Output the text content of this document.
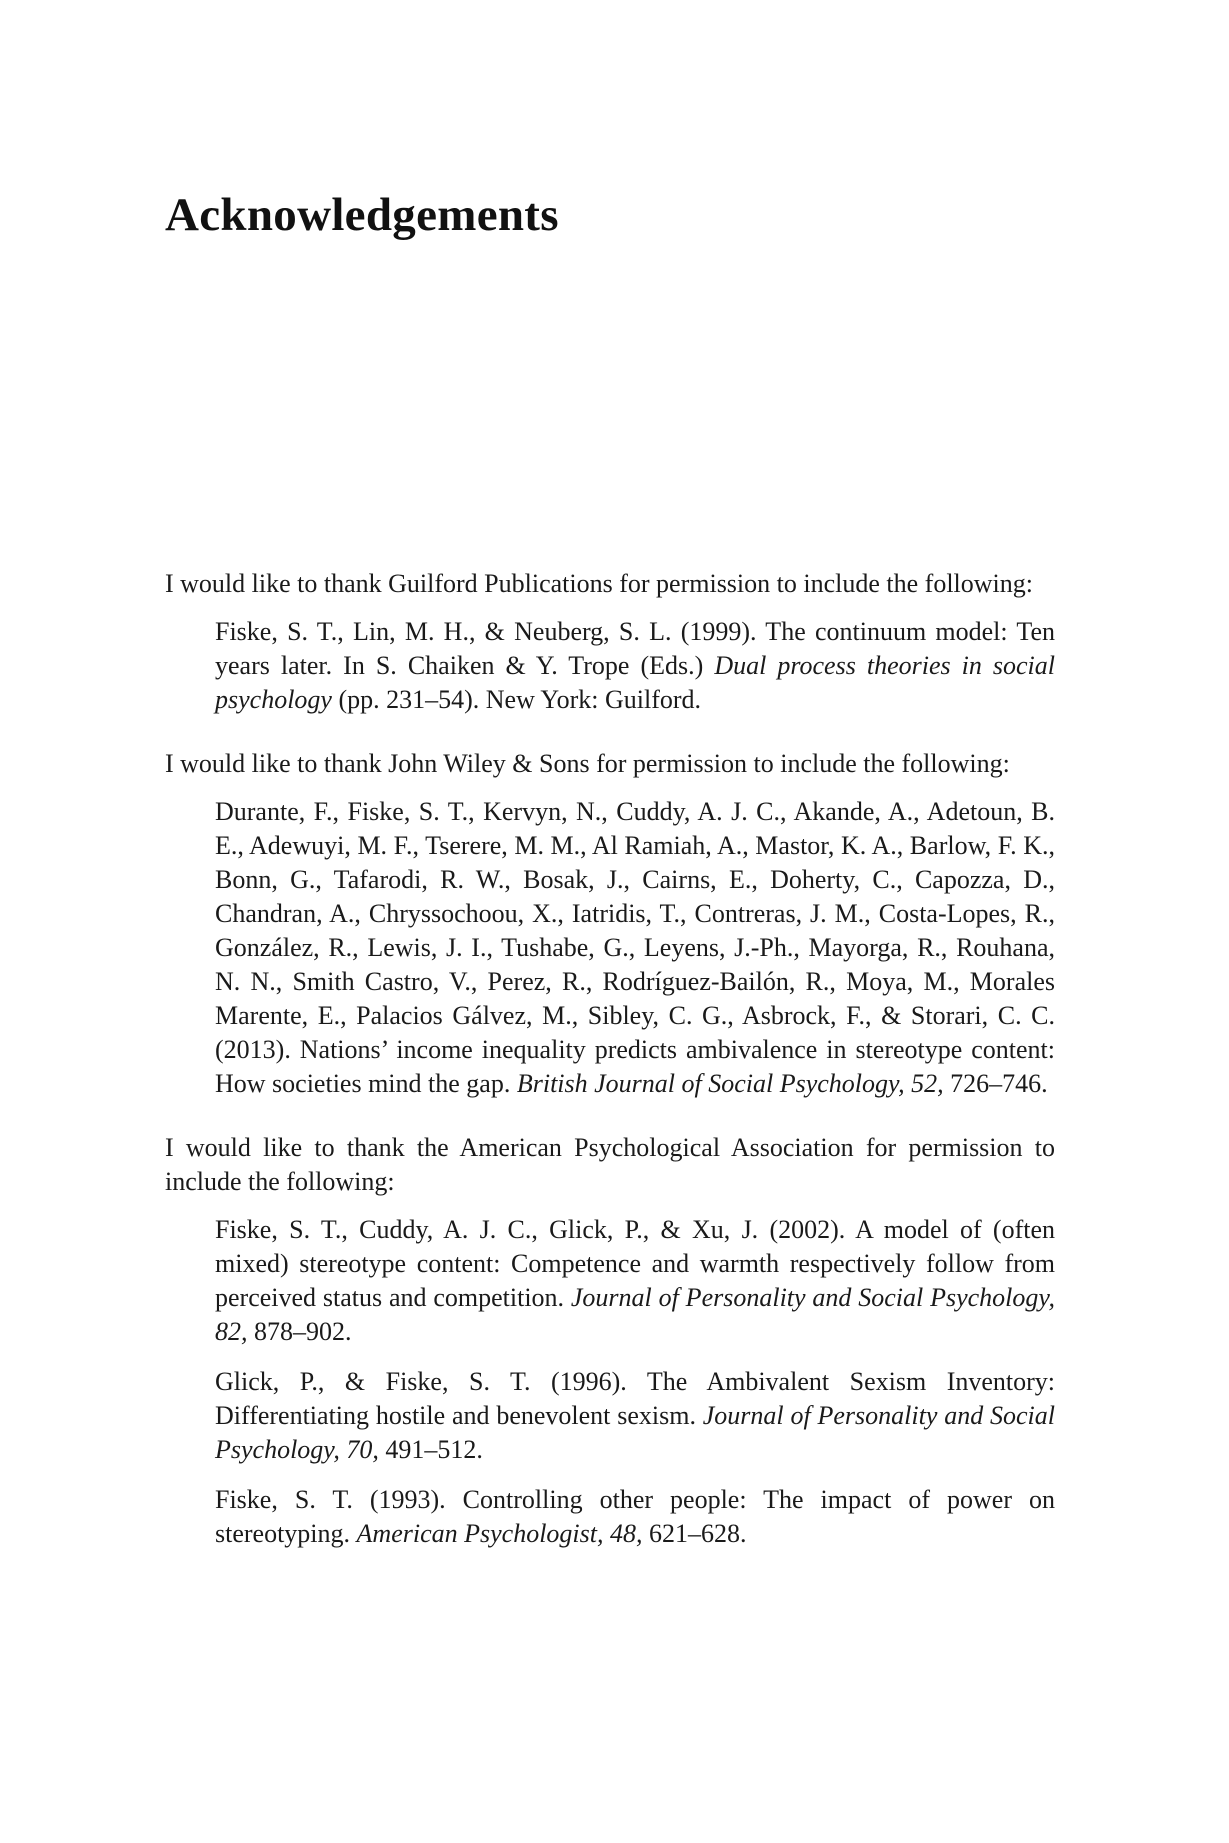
Acknowledgements

I would like to thank Guilford Publications for permission to include the following:

Fiske, S. T., Lin, M. H., & Neuberg, S. L. (1999). The continuum model: Ten years later. In S. Chaiken & Y. Trope (Eds.) Dual process theories in social psychology (pp. 231–54). New York: Guilford.

I would like to thank John Wiley & Sons for permission to include the following:

Durante, F., Fiske, S. T., Kervyn, N., Cuddy, A. J. C., Akande, A., Adetoun, B. E., Adewuyi, M. F., Tserere, M. M., Al Ramiah, A., Mastor, K. A., Barlow, F. K., Bonn, G., Tafarodi, R. W., Bosak, J., Cairns, E., Doherty, C., Capozza, D., Chandran, A., Chryssochoou, X., Iatridis, T., Contreras, J. M., Costa-Lopes, R., González, R., Lewis, J. I., Tushabe, G., Leyens, J.-Ph., Mayorga, R., Rouhana, N. N., Smith Castro, V., Perez, R., Rodríguez-Bailón, R., Moya, M., Morales Marente, E., Palacios Gálvez, M., Sibley, C. G., Asbrock, F., & Storari, C. C. (2013). Nations’ income inequality predicts ambivalence in stereotype content: How societies mind the gap. British Journal of Social Psychology, 52, 726–746.

I would like to thank the American Psychological Association for permission to include the following:

Fiske, S. T., Cuddy, A. J. C., Glick, P., & Xu, J. (2002). A model of (often mixed) stereotype content: Competence and warmth respectively follow from perceived status and competition. Journal of Personality and Social Psychology, 82, 878–902.

Glick, P., & Fiske, S. T. (1996). The Ambivalent Sexism Inventory: Differentiating hostile and benevolent sexism. Journal of Personality and Social Psychology, 70, 491–512.

Fiske, S. T. (1993). Controlling other people: The impact of power on stereotyping. American Psychologist, 48, 621–628.
